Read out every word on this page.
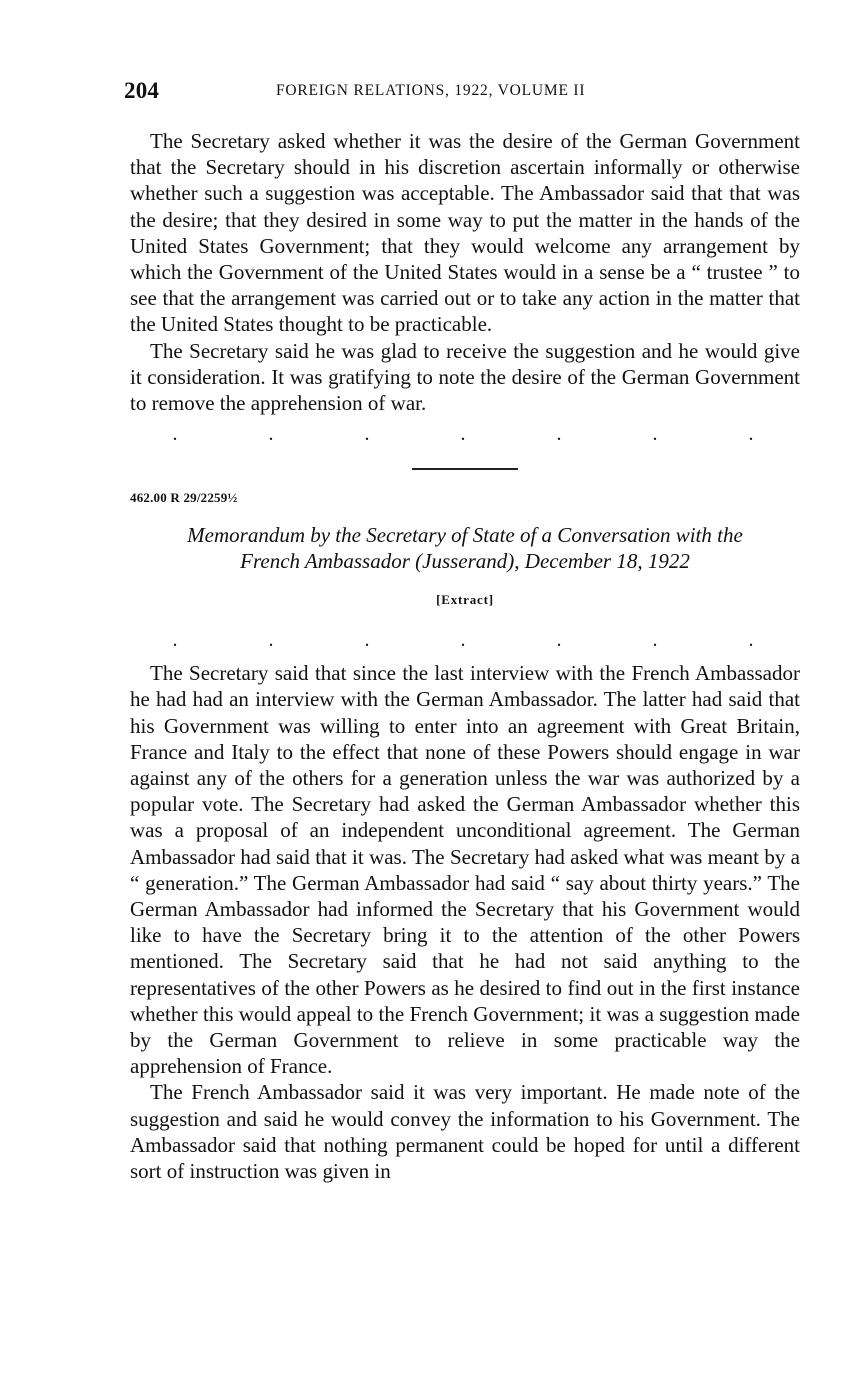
204	FOREIGN RELATIONS, 1922, VOLUME II

The Secretary asked whether it was the desire of the German Government that the Secretary should in his discretion ascertain informally or otherwise whether such a suggestion was acceptable. The Ambassador said that that was the desire; that they desired in some way to put the matter in the hands of the United States Government; that they would welcome any arrangement by which the Government of the United States would in a sense be a “ trustee ” to see that the arrangement was carried out or to take any action in the matter that the United States thought to be practicable.

The Secretary said he was glad to receive the suggestion and he would give it consideration. It was gratifying to note the desire of the German Government to remove the apprehension of war.

.	.	.	.	.	.	.
462.00 R 29/2259½
Memorandum by the Secretary of State of a Conversation with the
French Ambassador (Jusserand), December 18, 1922
[Extract]
.	.	.	.	.	.	.

The Secretary said that since the last interview with the French Ambassador he had had an interview with the German Ambassador. The latter had said that his Government was willing to enter into an agreement with Great Britain, France and Italy to the effect that none of these Powers should engage in war against any of the others for a generation unless the war was authorized by a popular vote. The Secretary had asked the German Ambassador whether this was a proposal of an independent unconditional agreement. The German Ambassador had said that it was. The Secretary had asked what was meant by a “ generation.” The German Ambassador had said “ say about thirty years.” The German Ambassador had informed the Secretary that his Government would like to have the Secretary bring it to the attention of the other Powers mentioned. The Secretary said that he had not said anything to the representatives of the other Powers as he desired to find out in the first instance whether this would appeal to the French Government; it was a suggestion made by the German Government to relieve in some practicable way the apprehension of France.

The French Ambassador said it was very important. He made note of the suggestion and said he would convey the information to his Government. The Ambassador said that nothing permanent could be hoped for until a different sort of instruction was given in
